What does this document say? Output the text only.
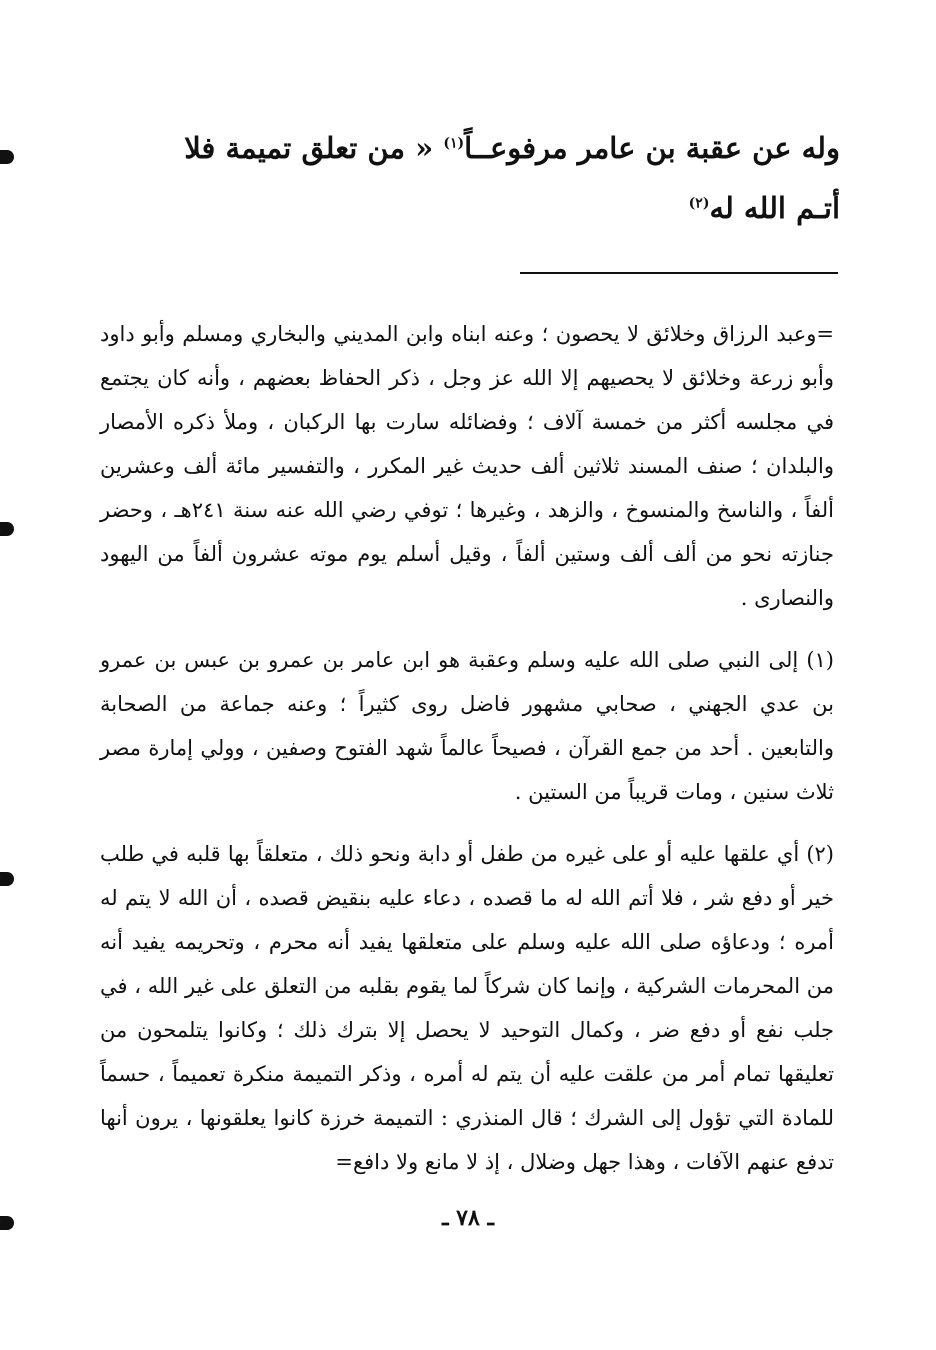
وله عن عقبة بن عامر مرفوعــاً$^{(١)}$ « من تعلق تميمة فلا
أتـم الله له$^{(٢)}$

=وعبد الرزاق وخلائق لا يحصون ؛ وعنه ابناه وابن المديني والبخاري ومسلم وأبو داود وأبو زرعة وخلائق لا يحصيهم إلا الله عز وجل ، ذكر الحفاظ بعضهم ، وأنه كان يجتمع في مجلسه أكثر من خمسة آلاف ؛ وفضائله سارت بها الركبان ، وملأ ذكره الأمصار والبلدان ؛ صنف المسند ثلاثين ألف حديث غير المكرر ، والتفسير مائة ألف وعشرين ألفاً ، والناسخ والمنسوخ ، والزهد ، وغيرها ؛ توفي رضي الله عنه سنة ٢٤١هـ ، وحضر جنازته نحو من ألف ألف وستين ألفاً ، وقيل أسلم يوم موته عشرون ألفاً من اليهود والنصارى .

(١) إلى النبي صلى الله عليه وسلم وعقبة هو ابن عامر بن عمرو بن عبس بن عمرو بن عدي الجهني ، صحابي مشهور فاضل روى كثيراً ؛ وعنه جماعة من الصحابة والتابعين . أحد من جمع القرآن ، فصيحاً عالماً شهد الفتوح وصفين ، وولي إمارة مصر ثلاث سنين ، ومات قريباً من الستين .

(٢) أي علقها عليه أو على غيره من طفل أو دابة ونحو ذلك ، متعلقاً بها قلبه في طلب خير أو دفع شر ، فلا أتم الله له ما قصده ، دعاء عليه بنقيض قصده ، أن الله لا يتم له أمره ؛ ودعاؤه صلى الله عليه وسلم على متعلقها يفيد أنه محرم ، وتحريمه يفيد أنه من المحرمات الشركية ، وإنما كان شركاً لما يقوم بقلبه من التعلق على غير الله ، في جلب نفع أو دفع ضر ، وكمال التوحيد لا يحصل إلا بترك ذلك ؛ وكانوا يتلمحون من تعليقها تمام أمر من علقت عليه أن يتم له أمره ، وذكر التميمة منكرة تعميماً ، حسماً للمادة التي تؤول إلى الشرك ؛ قال المنذري : التميمة خرزة كانوا يعلقونها ، يرون أنها تدفع عنهم الآفات ، وهذا جهل وضلال ، إذ لا مانع ولا دافع=

ـ ٧٨ ـ
